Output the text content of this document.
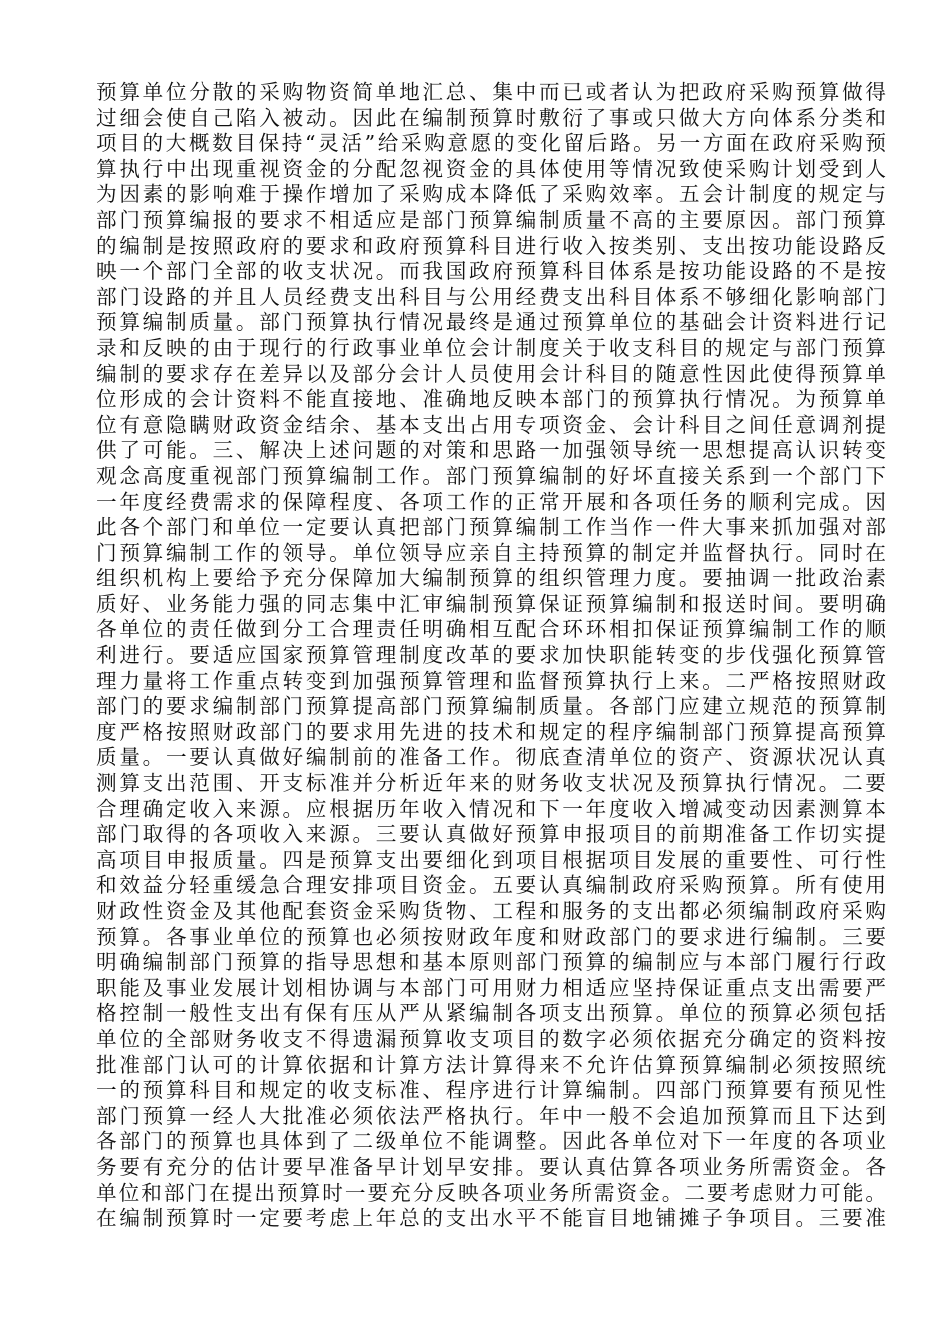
预算单位分散的采购物资简单地汇总、集中而已或者认为把政府采购预算做得
过细会使自己陷入被动。因此在编制预算时敷衍了事或只做大方向体系分类和
项目的大概数目保持“灵活”给采购意愿的变化留后路。另一方面在政府采购预
算执行中出现重视资金的分配忽视资金的具体使用等情况致使采购计划受到人
为因素的影响难于操作增加了采购成本降低了采购效率。五会计制度的规定与
部门预算编报的要求不相适应是部门预算编制质量不高的主要原因。部门预算
的编制是按照政府的要求和政府预算科目进行收入按类别、支出按功能设路反
映一个部门全部的收支状况。而我国政府预算科目体系是按功能设路的不是按
部门设路的并且人员经费支出科目与公用经费支出科目体系不够细化影响部门
预算编制质量。部门预算执行情况最终是通过预算单位的基础会计资料进行记
录和反映的由于现行的行政事业单位会计制度关于收支科目的规定与部门预算
编制的要求存在差异以及部分会计人员使用会计科目的随意性因此使得预算单
位形成的会计资料不能直接地、准确地反映本部门的预算执行情况。为预算单
位有意隐瞒财政资金结余、基本支出占用专项资金、会计科目之间任意调剂提
供了可能。三、解决上述问题的对策和思路一加强领导统一思想提高认识转变
观念高度重视部门预算编制工作。部门预算编制的好坏直接关系到一个部门下
一年度经费需求的保障程度、各项工作的正常开展和各项任务的顺利完成。因
此各个部门和单位一定要认真把部门预算编制工作当作一件大事来抓加强对部
门预算编制工作的领导。单位领导应亲自主持预算的制定并监督执行。同时在
组织机构上要给予充分保障加大编制预算的组织管理力度。要抽调一批政治素
质好、业务能力强的同志集中汇审编制预算保证预算编制和报送时间。要明确
各单位的责任做到分工合理责任明确相互配合环环相扣保证预算编制工作的顺
利进行。要适应国家预算管理制度改革的要求加快职能转变的步伐强化预算管
理力量将工作重点转变到加强预算管理和监督预算执行上来。二严格按照财政
部门的要求编制部门预算提高部门预算编制质量。各部门应建立规范的预算制
度严格按照财政部门的要求用先进的技术和规定的程序编制部门预算提高预算
质量。一要认真做好编制前的准备工作。彻底查清单位的资产、资源状况认真
测算支出范围、开支标准并分析近年来的财务收支状况及预算执行情况。二要
合理确定收入来源。应根据历年收入情况和下一年度收入增减变动因素测算本
部门取得的各项收入来源。三要认真做好预算申报项目的前期准备工作切实提
高项目申报质量。四是预算支出要细化到项目根据项目发展的重要性、可行性
和效益分轻重缓急合理安排项目资金。五要认真编制政府采购预算。所有使用
财政性资金及其他配套资金采购货物、工程和服务的支出都必须编制政府采购
预算。各事业单位的预算也必须按财政年度和财政部门的要求进行编制。三要
明确编制部门预算的指导思想和基本原则部门预算的编制应与本部门履行行政
职能及事业发展计划相协调与本部门可用财力相适应坚持保证重点支出需要严
格控制一般性支出有保有压从严从紧编制各项支出预算。单位的预算必须包括
单位的全部财务收支不得遗漏预算收支项目的数字必须依据充分确定的资料按
批准部门认可的计算依据和计算方法计算得来不允许估算预算编制必须按照统
一的预算科目和规定的收支标准、程序进行计算编制。四部门预算要有预见性
部门预算一经人大批准必须依法严格执行。年中一般不会追加预算而且下达到
各部门的预算也具体到了二级单位不能调整。因此各单位对下一年度的各项业
务要有充分的估计要早准备早计划早安排。要认真估算各项业务所需资金。各
单位和部门在提出预算时一要充分反映各项业务所需资金。二要考虑财力可能。
在编制预算时一定要考虑上年总的支出水平不能盲目地铺摊子争项目。三要准
